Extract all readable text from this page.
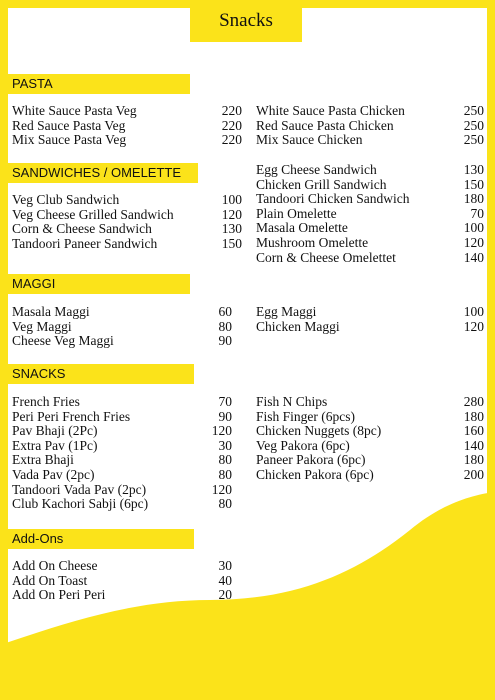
Snacks
PASTA
White Sauce Pasta Veg	220
Red Sauce Pasta Veg	220
Mix Sauce Pasta Veg	220
White Sauce Pasta Chicken	250
Red Sauce Pasta Chicken	250
Mix Sauce Chicken	250
SANDWICHES / OMELETTE
Veg Club Sandwich	100
Veg Cheese Grilled Sandwich	120
Corn & Cheese Sandwich	130
Tandoori Paneer Sandwich	150
Egg Cheese Sandwich	130
Chicken Grill Sandwich	150
Tandoori Chicken Sandwich	180
Plain Omelette	70
Masala Omelette	100
Mushroom Omelette	120
Corn & Cheese Omelettet	140
MAGGI
Masala Maggi	60
Veg Maggi	80
Cheese Veg Maggi	90
Egg Maggi	100
Chicken Maggi	120
SNACKS
French Fries	70
Peri Peri French Fries	90
Pav Bhaji (2Pc)	120
Extra Pav (1Pc)	30
Extra Bhaji	80
Vada Pav (2pc)	80
Tandoori Vada Pav (2pc)	120
Club Kachori Sabji (6pc)	80
Fish N Chips	280
Fish Finger (6pcs)	180
Chicken Nuggets (8pc)	160
Veg Pakora (6pc)	140
Paneer Pakora (6pc)	180
Chicken Pakora (6pc)	200
Add-Ons
Add On Cheese	30
Add On Toast	40
Add On Peri Peri	20
